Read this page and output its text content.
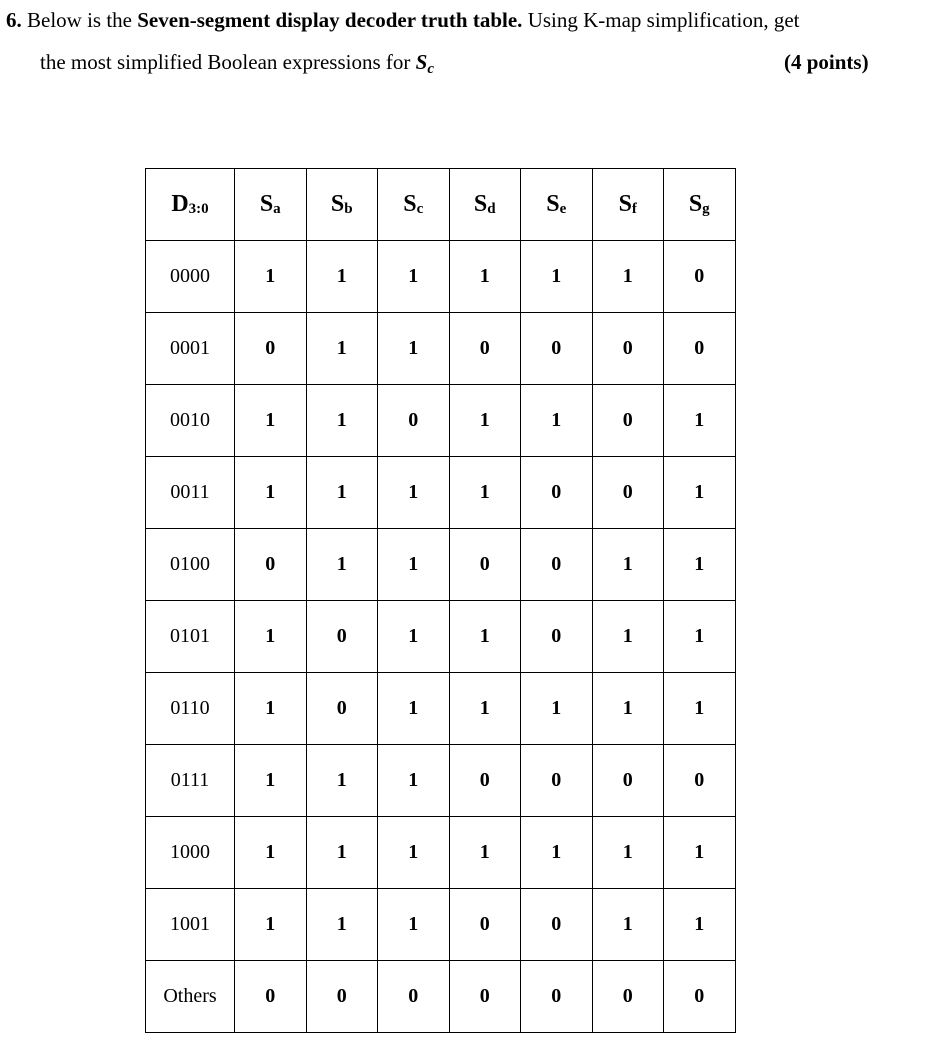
6. Below is the Seven-segment display decoder truth table. Using K-map simplification, get
the most simplified Boolean expressions for Sc	(4 points)
$D_{3:0}$	$S_a$	$S_b$	$S_c$	$S_d$	$S_e$	$S_f$	$S_g$
0000	1	1	1	1	1	1	0
0001	0	1	1	0	0	0	0
0010	1	1	0	1	1	0	1
0011	1	1	1	1	0	0	1
0100	0	1	1	0	0	1	1
0101	1	0	1	1	0	1	1
0110	1	0	1	1	1	1	1
0111	1	1	1	0	0	0	0
1000	1	1	1	1	1	1	1
1001	1	1	1	0	0	1	1
Others	0	0	0	0	0	0	0
